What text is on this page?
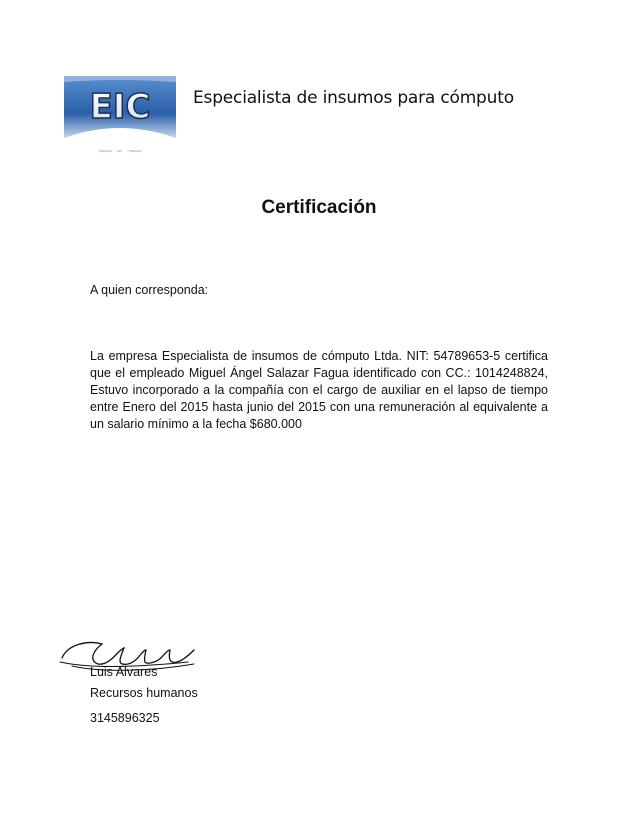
EIC	Especialista de insumos para cómputo
Certificación
A quien corresponda:
La empresa Especialista de insumos de cómputo Ltda. NIT: 54789653-5 certifica que el empleado Miguel Ángel Salazar Fagua identificado con CC.: 1014248824, Estuvo incorporado a la compañía con el cargo de auxiliar en el lapso de tiempo entre Enero del 2015 hasta junio del 2015 con una remuneración al equivalente a un salario mínimo a la fecha $680.000
Luis Alvares
Recursos humanos
3145896325
